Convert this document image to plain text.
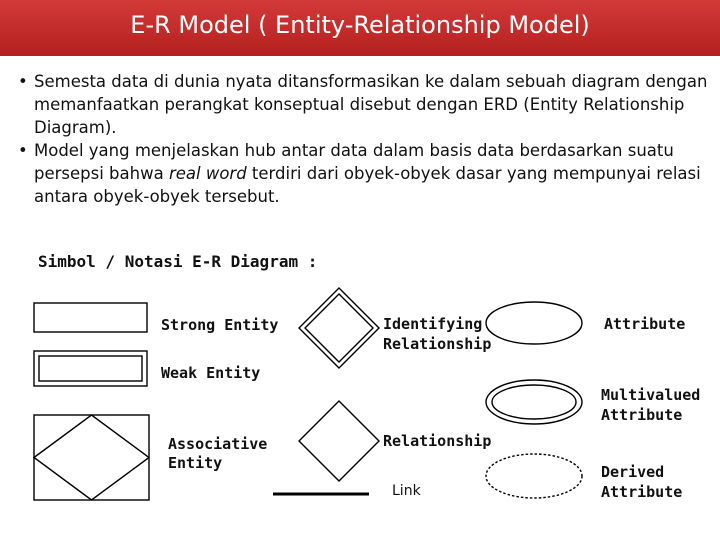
E-R Model ( Entity-Relationship Model)

• Semesta data di dunia nyata ditansformasikan ke dalam sebuah diagram dengan memanfaatkan perangkat konseptual disebut dengan ERD (Entity Relationship Diagram).

• Model yang menjelaskan hub antar data dalam basis data berdasarkan suatu persepsi bahwa real word terdiri dari obyek-obyek dasar yang mempunyai relasi antara obyek-obyek tersebut.

Simbol / Notasi E-R Diagram :
Strong Entity
Weak Entity
Associative
Entity
Identifying
Relationship
Relationship
Link
Attribute
Multivalued
Attribute
Derived
Attribute
